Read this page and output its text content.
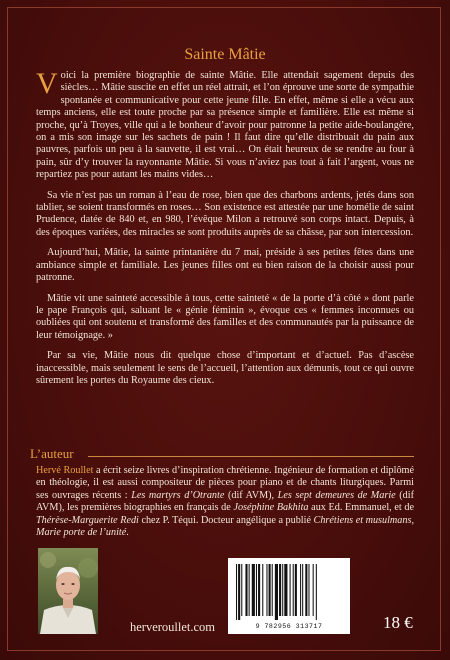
Sainte Mâtie

Voici la première biographie de sainte Mâtie. Elle attendait sagement depuis des siècles… Mâtie suscite en effet un réel attrait, et l’on éprouve une sorte de sympathie spontanée et communicative pour cette jeune fille. En effet, même si elle a vécu aux temps anciens, elle est toute proche par sa présence simple et familière. Elle est même si proche, qu’à Troyes, ville qui a le bonheur d’avoir pour patronne la petite aide-boulangère, on a mis son image sur les sachets de pain ! Il faut dire qu’elle distribuait du pain aux pauvres, parfois un peu à la sauvette, il est vrai… On était heureux de se rendre au four à pain, sûr d’y trouver la rayonnante Mâtie. Si vous n’aviez pas tout à fait l’argent, vous ne repartiez pas pour autant les mains vides…

Sa vie n’est pas un roman à l’eau de rose, bien que des charbons ardents, jetés dans son tablier, se soient transformés en roses… Son existence est attestée par une homélie de saint Prudence, datée de 840 et, en 980, l’évêque Milon a retrouvé son corps intact. Depuis, à des époques variées, des miracles se sont produits auprès de sa châsse, par son intercession.

Aujourd’hui, Mâtie, la sainte printanière du 7 mai, préside à ses petites fêtes dans une ambiance simple et familiale. Les jeunes filles ont eu bien raison de la choisir aussi pour patronne.

Mâtie vit une sainteté accessible à tous, cette sainteté « de la porte d’à côté » dont parle le pape François qui, saluant le « génie féminin », évoque ces « femmes inconnues ou oubliées qui ont soutenu et transformé des familles et des communautés par la puissance de leur témoignage. »

Par sa vie, Mâtie nous dit quelque chose d’important et d’actuel. Pas d’ascèse inaccessible, mais seulement le sens de l’accueil, l’attention aux démunis, tout ce qui ouvre sûrement les portes du Royaume des cieux.

L’auteur
Hervé Roullet a écrit seize livres d’inspiration chrétienne. Ingénieur de formation et diplômé en théologie, il est aussi compositeur de pièces pour piano et de chants liturgiques. Parmi ses ouvrages récents : Les martyrs d’Otrante (dif AVM), Les sept demeures de Marie (dif AVM), les premières biographies en français de Joséphine Bakhita aux Ed. Emmanuel, et de Thérèse-Marguerite Redi chez P. Téqui. Docteur angélique a publié Chrétiens et musulmans, Marie porte de l’unité.
herveroullet.com	9 782956 313717	18 €
